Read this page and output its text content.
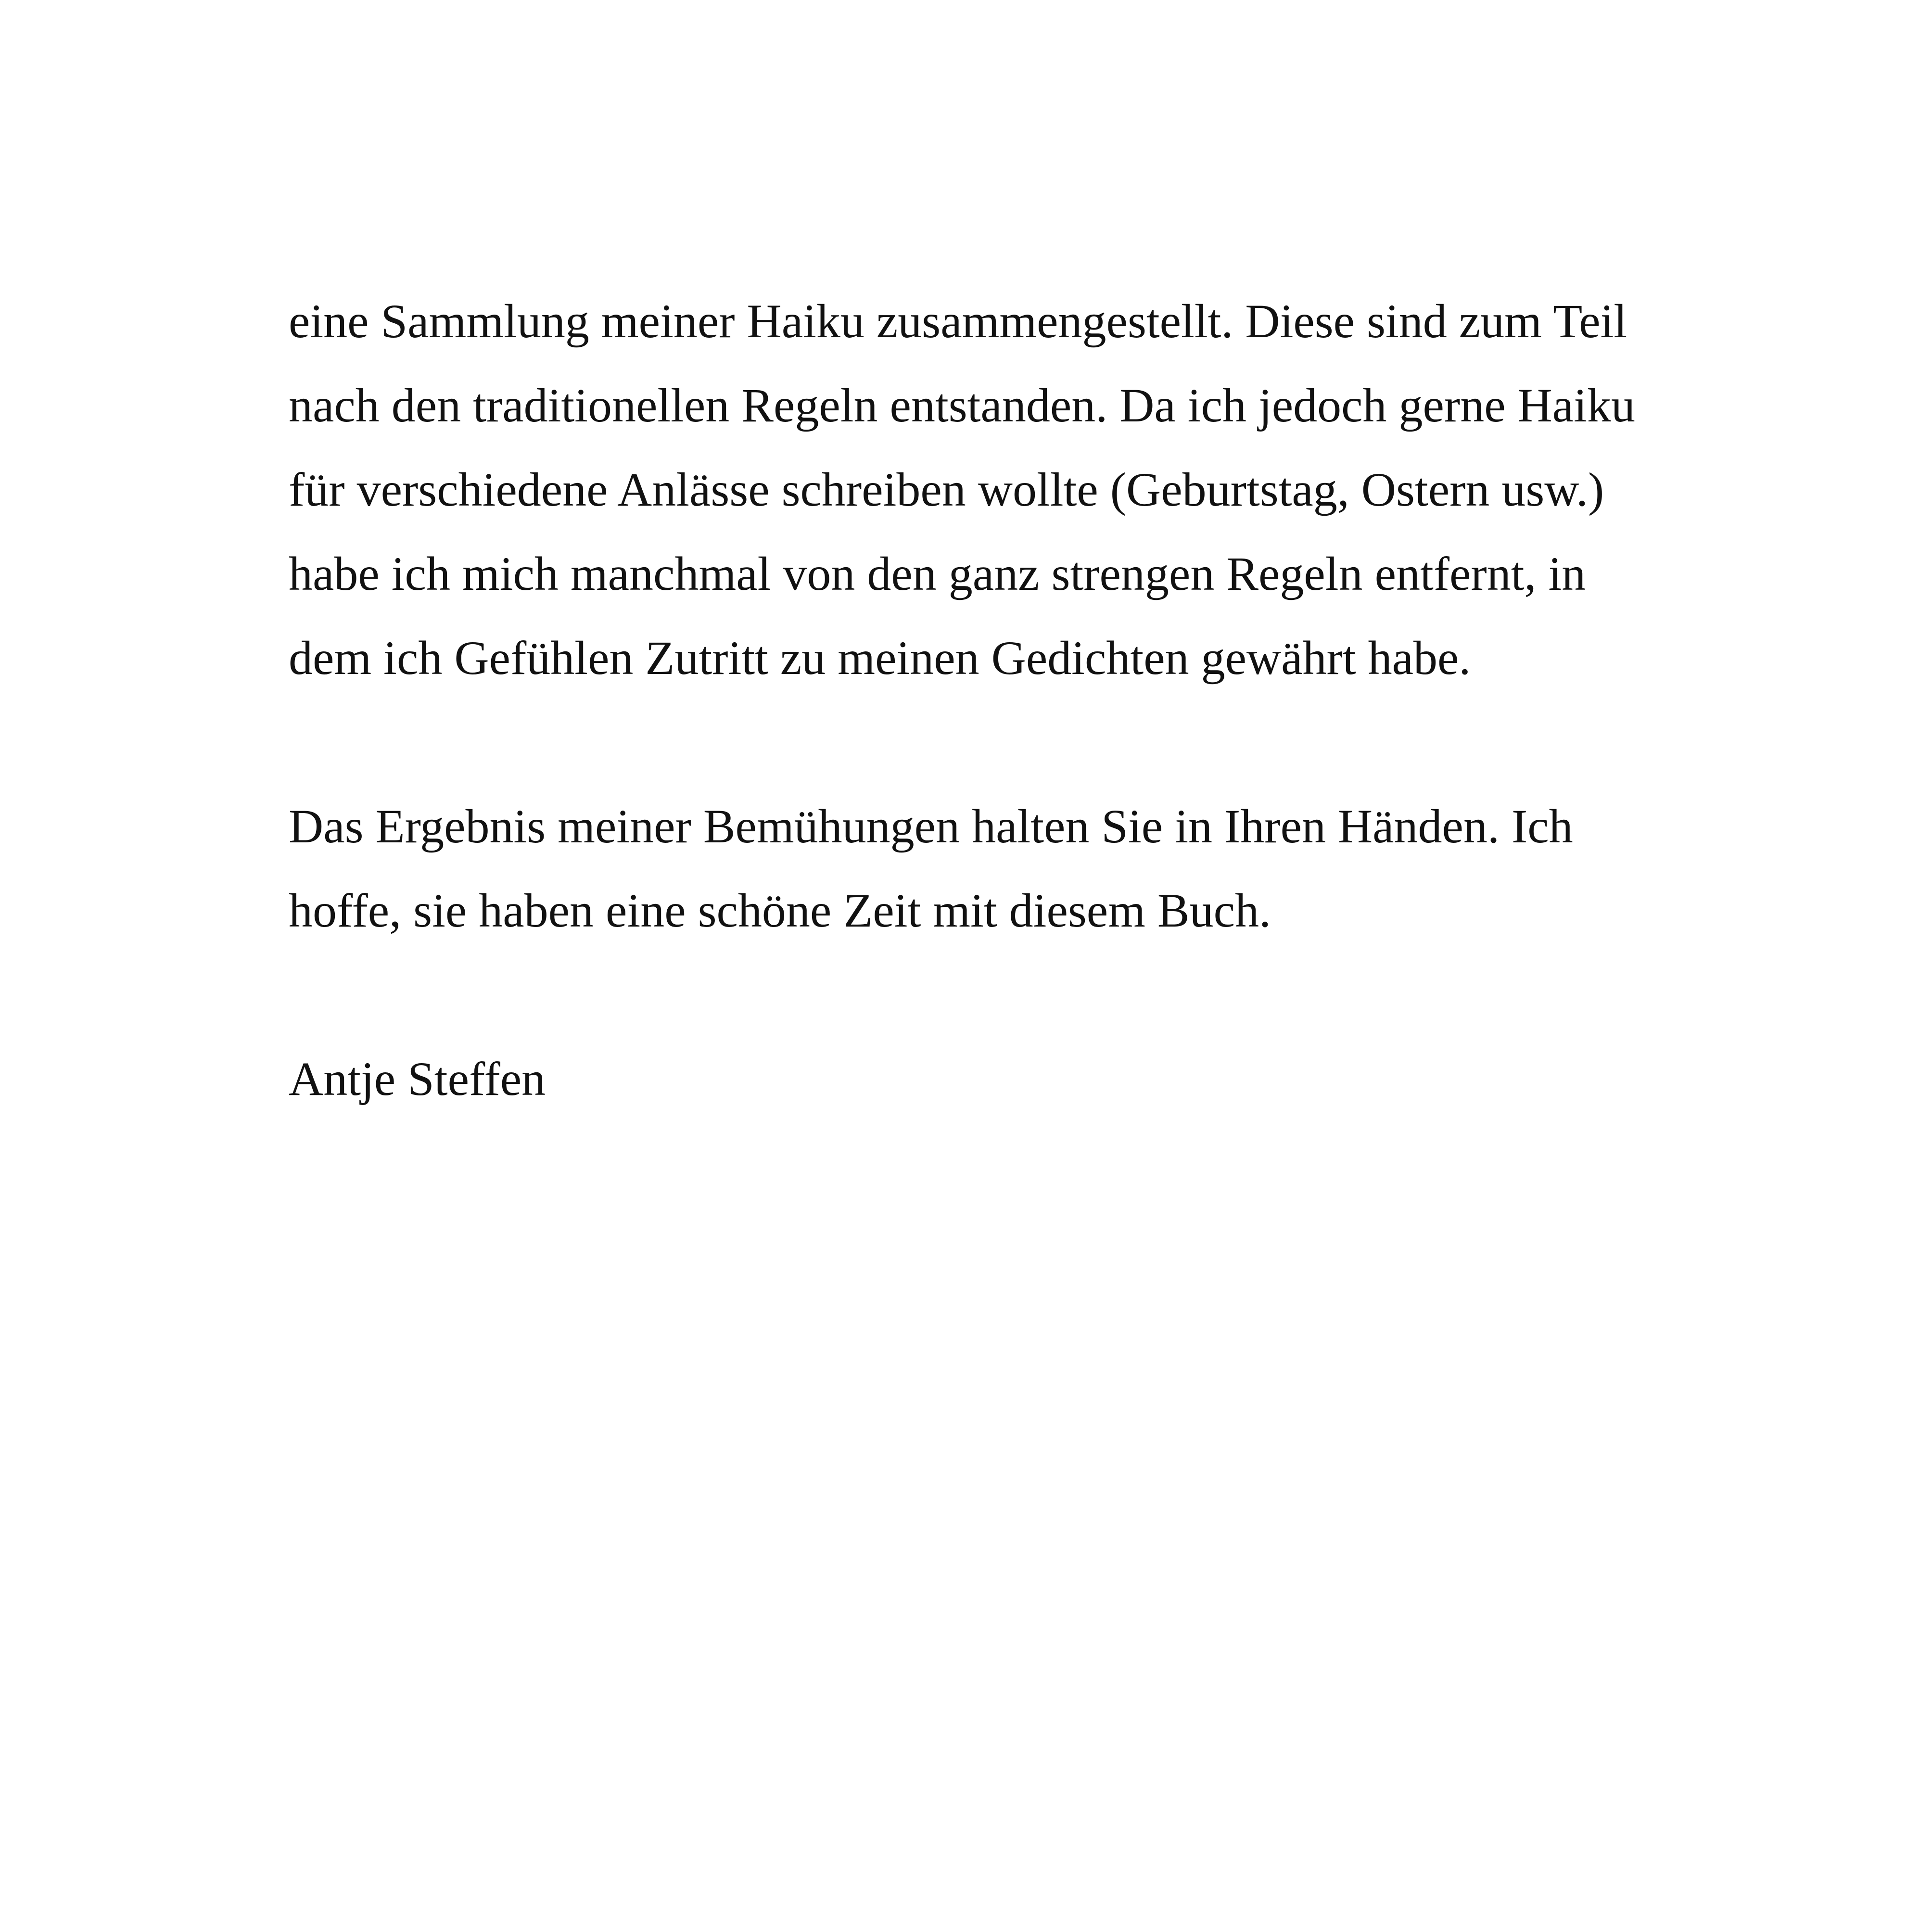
eine Sammlung meiner Haiku zusammengestellt. Diese sind zum Teil
nach den traditionellen Regeln entstanden. Da ich jedoch gerne Haiku
für verschiedene Anlässe schreiben wollte (Geburtstag, Ostern usw.)
habe ich mich manchmal von den ganz strengen Regeln entfernt, in
dem ich Gefühlen Zutritt zu meinen Gedichten gewährt habe.
Das Ergebnis meiner Bemühungen halten Sie in Ihren Händen. Ich
hoffe, sie haben eine schöne Zeit mit diesem Buch.
Antje Steffen
